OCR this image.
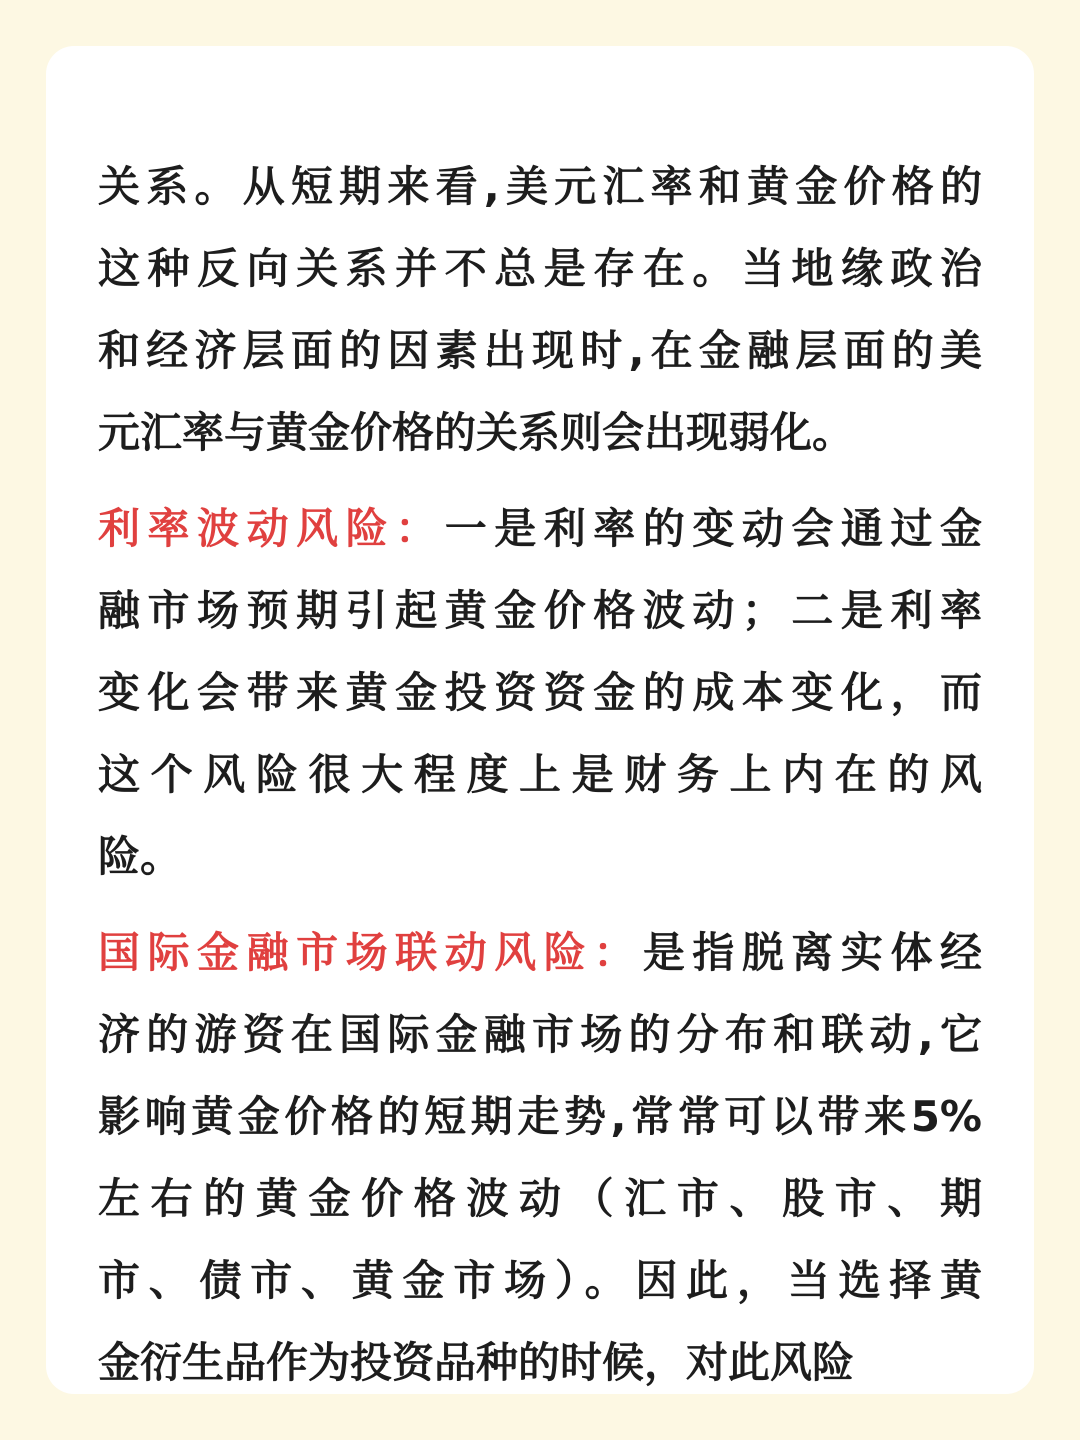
关系。从短期来看,美元汇率和黄金价格的
这种反向关系并不总是存在。当地缘政治
和经济层面的因素出现时,在金融层面的美
元汇率与黄金价格的关系则会出现弱化。
利率波动风险：一是利率的变动会通过金
融市场预期引起黄金价格波动；二是利率
变化会带来黄金投资资金的成本变化，而
这个风险很大程度上是财务上内在的风
险。
国际金融市场联动风险：是指脱离实体经
济的游资在国际金融市场的分布和联动,它
影响黄金价格的短期走势,常常可以带来5%
左右的黄金价格波动（汇市、股市、期
市、债市、黄金市场）。因此，当选择黄
金衍生品作为投资品种的时候，对此风险
